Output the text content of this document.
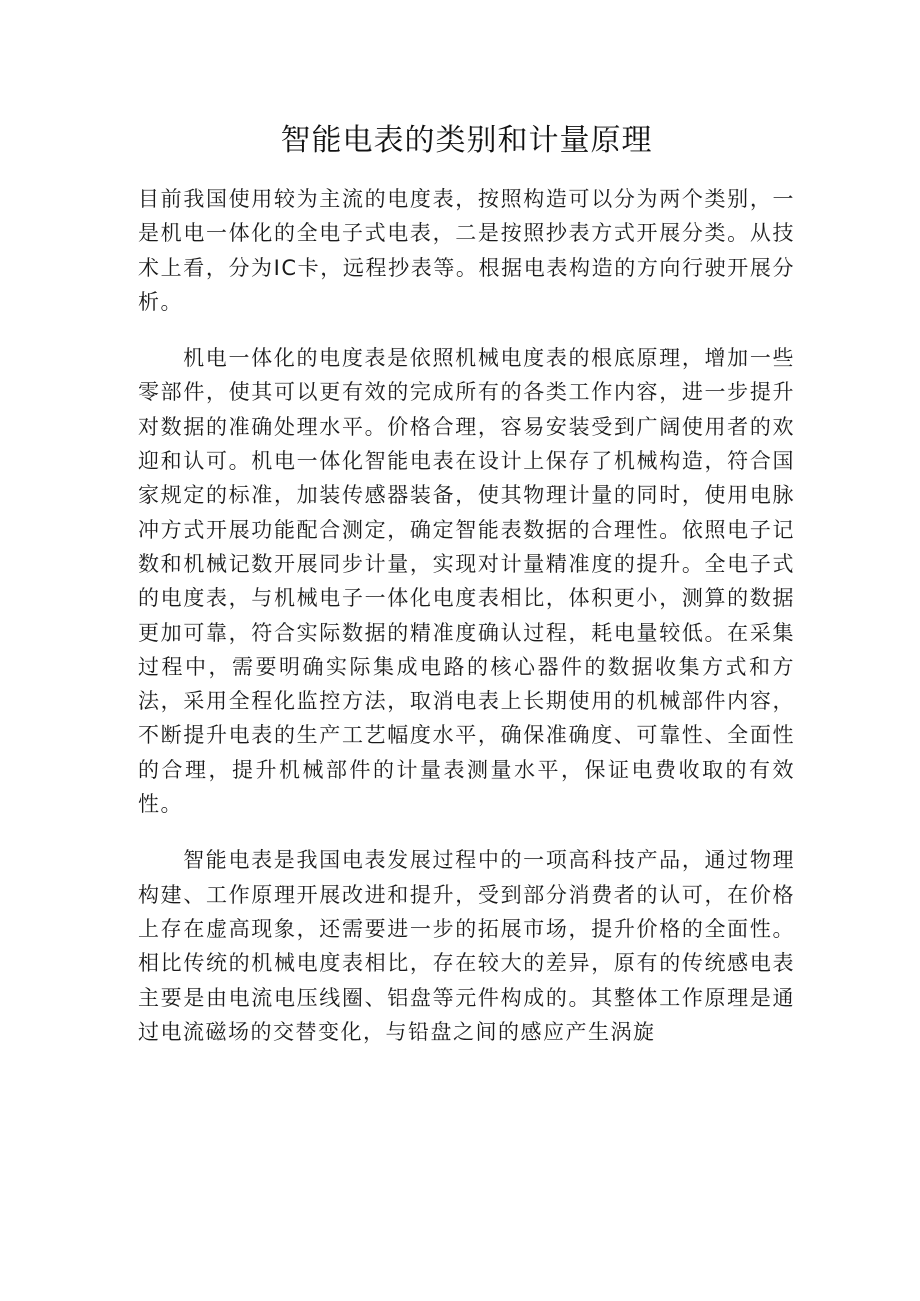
智能电表的类别和计量原理

目前我国使用较为主流的电度表，按照构造可以分为两个类别，一是机电一体化的全电子式电表，二是按照抄表方式开展分类。从技术上看，分为IC卡，远程抄表等。根据电表构造的方向行驶开展分析。

机电一体化的电度表是依照机械电度表的根底原理，增加一些零部件，使其可以更有效的完成所有的各类工作内容，进一步提升对数据的准确处理水平。价格合理，容易安装受到广阔使用者的欢迎和认可。机电一体化智能电表在设计上保存了机械构造，符合国家规定的标准，加装传感器装备，使其物理计量的同时，使用电脉冲方式开展功能配合测定，确定智能表数据的合理性。依照电子记数和机械记数开展同步计量，实现对计量精准度的提升。全电子式的电度表，与机械电子一体化电度表相比，体积更小，测算的数据更加可靠，符合实际数据的精准度确认过程，耗电量较低。在采集过程中，需要明确实际集成电路的核心器件的数据收集方式和方法，采用全程化监控方法，取消电表上长期使用的机械部件内容，不断提升电表的生产工艺幅度水平，确保准确度、可靠性、全面性的合理，提升机械部件的计量表测量水平，保证电费收取的有效性。

智能电表是我国电表发展过程中的一项高科技产品，通过物理构建、工作原理开展改进和提升，受到部分消费者的认可，在价格上存在虚高现象，还需要进一步的拓展市场，提升价格的全面性。相比传统的机械电度表相比，存在较大的差异，原有的传统感电表主要是由电流电压线圈、铝盘等元件构成的。其整体工作原理是通过电流磁场的交替变化，与铅盘之间的感应产生涡旋
